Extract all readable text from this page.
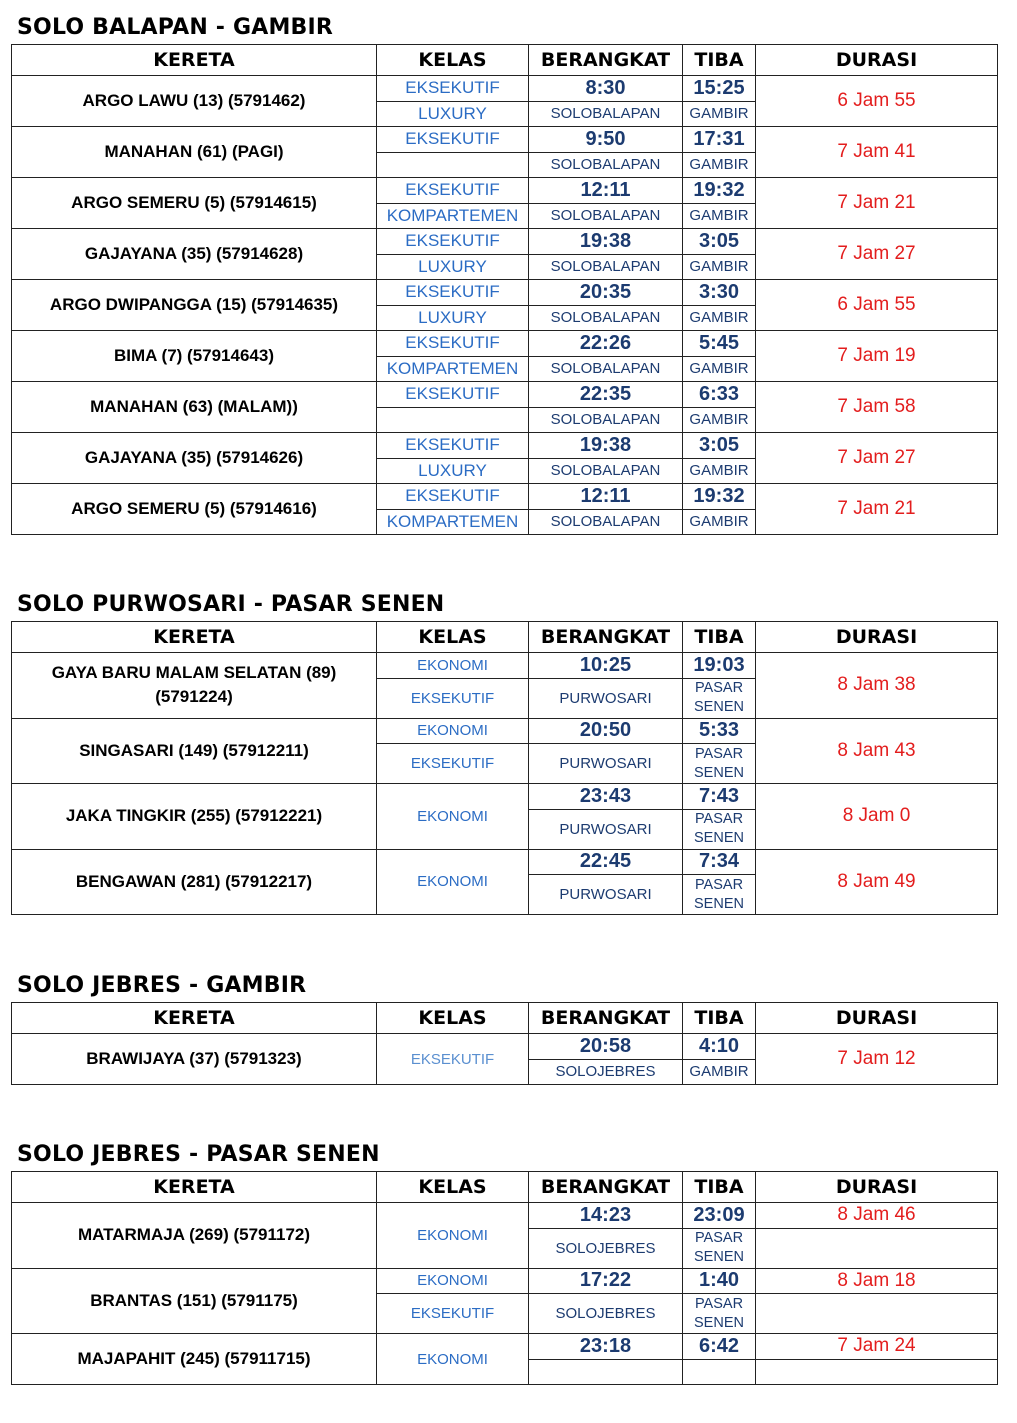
SOLO BALAPAN - GAMBIR
KERETA	KELAS	BERANGKAT	TIBA	DURASI
ARGO LAWU (13) (5791462)	EKSEKUTIF	8:30	15:25	6 Jam 55
	LUXURY	SOLOBALAPAN	GAMBIR	
MANAHAN (61) (PAGI)	EKSEKUTIF	9:50	17:31	7 Jam 41
		SOLOBALAPAN	GAMBIR	
ARGO SEMERU (5) (57914615)	EKSEKUTIF	12:11	19:32	7 Jam 21
	KOMPARTEMEN	SOLOBALAPAN	GAMBIR	
GAJAYANA (35) (57914628)	EKSEKUTIF	19:38	3:05	7 Jam 27
	LUXURY	SOLOBALAPAN	GAMBIR	
ARGO DWIPANGGA (15) (57914635)	EKSEKUTIF	20:35	3:30	6 Jam 55
	LUXURY	SOLOBALAPAN	GAMBIR	
BIMA (7) (57914643)	EKSEKUTIF	22:26	5:45	7 Jam 19
	KOMPARTEMEN	SOLOBALAPAN	GAMBIR	
MANAHAN (63) (MALAM))	EKSEKUTIF	22:35	6:33	7 Jam 58
		SOLOBALAPAN	GAMBIR	
GAJAYANA (35) (57914626)	EKSEKUTIF	19:38	3:05	7 Jam 27
	LUXURY	SOLOBALAPAN	GAMBIR	
ARGO SEMERU (5) (57914616)	EKSEKUTIF	12:11	19:32	7 Jam 21
	KOMPARTEMEN	SOLOBALAPAN	GAMBIR	
SOLO PURWOSARI - PASAR SENEN
KERETA	KELAS	BERANGKAT	TIBA	DURASI

GAYA BARU MALAM SELATAN (89)
(5791224)	EKONOMI	10:25	19:03	8 Jam 38
	EKSEKUTIF	PURWOSARI	PASAR
SENEN	

SINGASARI (149) (57912211)	EKONOMI	20:50	5:33	8 Jam 43
	EKSEKUTIF	PURWOSARI	PASAR
SENEN	

JAKA TINGKIR (255) (57912221)	EKONOMI	23:43	7:43	8 Jam 0
		PURWOSARI	PASAR
SENEN	

BENGAWAN (281) (57912217)	EKONOMI	22:45	7:34	8 Jam 49
		PURWOSARI	PASAR
SENEN	
SOLO JEBRES - GAMBIR
KERETA	KELAS	BERANGKAT	TIBA	DURASI
BRAWIJAYA (37) (5791323)	EKSEKUTIF	20:58	4:10	7 Jam 12
		SOLOJEBRES	GAMBIR	
SOLO JEBRES - PASAR SENEN
KERETA	KELAS	BERANGKAT	TIBA	DURASI
MATARMAJA (269) (5791172)	EKONOMI	14:23	23:09	8 Jam 46
		SOLOJEBRES	PASAR
SENEN	

BRANTAS (151) (5791175)	EKONOMI	17:22	1:40	8 Jam 18
	EKSEKUTIF	SOLOJEBRES	PASAR
SENEN	

MAJAPAHIT (245) (57911715)	EKONOMI	23:18	6:42	7 Jam 24
